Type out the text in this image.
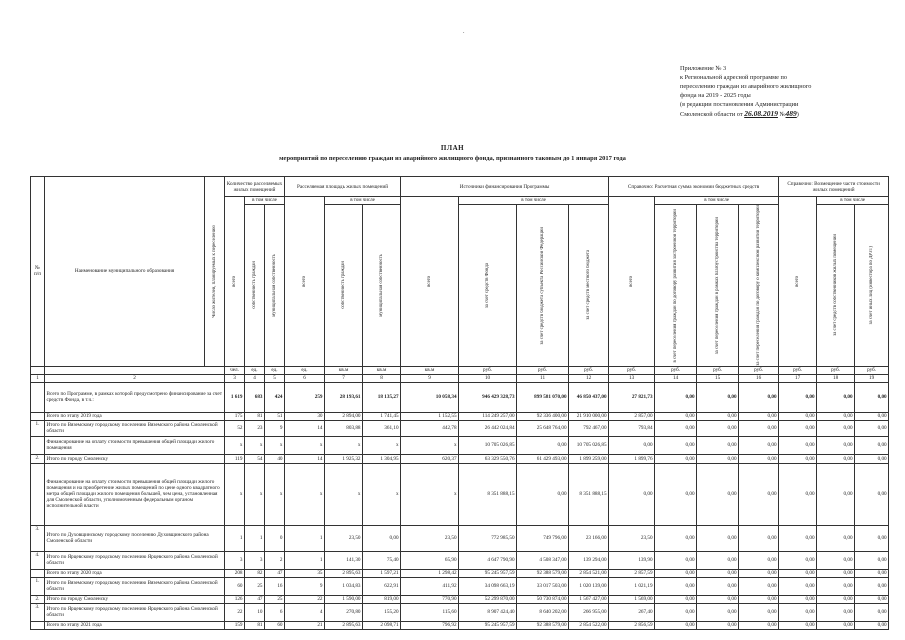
.
Приложение № 3
к Региональной адресной программе по
переселению граждан из аварийного жилищного
фонда на 2019 - 2025 годы
(в редакции постановления Администрации
Смоленской области от 26.08.2019 №489)
ПЛАН
мероприятий по переселению граждан из аварийного жилищного фонда, признанного таковым до 1 января 2017 года
№ п/п	Наименование муниципального образования	Число жителей, планируемых к переселению	Количество расселяемых жилых помещений			Расселяемая площадь жилых помещений			Источники финансирования Программы				Справочно: Расчетная сумма экономии бюджетных средств				Справочно: Возмещение части стоимости жилых помещений		

			всего	в том числе		всего	в том числе		всего	в том числе			всего	в том числе			всего	в том числе	

				собственность граждан	муниципальная собственность		собственность граждан	муниципальная собственность		за счет средств Фонда	за счет средств бюджета субъекта Российской Федерации	за счет средств местного бюджета		в счет переселения граждан по договору развития застроенной территории	за счет переселения граждан в рамках благоустройства территории	за счет переселения граждан по договору о комплексном развитии территории		за счет средств собственников жилых помещений	за счет иных лиц (инвестора по ДРЗТ)

			чел.	ед.	ед.	ед.	кв.м	кв.м	кв.м	руб.	руб.	руб.	руб.	руб.	руб.	руб.	руб.	руб.	руб.
1	2		3	4	5	6	7	8	9	10	11	12	13	14	15	16	17	18	19
	Всего по Программе, в рамках которой предусмотрено финансирование за счет средств Фонда, в т.ч.:		1 619	683	424	259	28 193,61	18 135,27	10 058,34	946 429 328,73	899 581 070,00	46 850 437,00	27 821,73	0,00	0,00	0,00	0,00	0,00	0,00
	Всего по этапу 2019 года		175	81	51	30	2 894,00	1 741,45	1 152,55	114 249 257,00	92 336 400,00	21 910 000,00	2 857,00	0,00	0,00	0,00	0,00	0,00	0,00
1.	Итого по Вяземскому городскому поселению Вяземского района Смоленской области		52	23	9	14	803,88	361,10	442,78	26 442 024,84	25 648 764,00	792 467,00	793,84	0,00	0,00	0,00	0,00	0,00	0,00
	Финансирование на оплату стоимости превышения общей площади жилого помещения		x	x	x	x	x	x	x	10 705 026,85	0,00	10 705 026,85	0,00	0,00	0,00	0,00	0,00	0,00	0,00
2.	Итого по городу Смоленску		119	54	40	14	1 925,32	1 304,95	620,37	63 329 550,76	61 429 493,00	1 899 259,00	1 899,76	0,00	0,00	0,00	0,00	0,00	0,00
	Финансирование на оплату стоимости превышения общей площади жилого помещения и на приобретение жилых помещений по цене одного квадратного метра общей площади жилого помещения большей, чем цена, установленная для Смоленской области, уполномоченным федеральным органом исполнительной власти		x	x	x	x	x	x	x	8 351 888,15	0,00	8 351 888,15	0,00	0,00	0,00	0,00	0,00	0,00	0,00
3.	Итого по Духовщинскому городскому поселению Духовщинского района Смоленской области		1	1	0	1	23,50	0,00	23,50	772 985,50	749 796,00	23 166,00	23,50	0,00	0,00	0,00	0,00	0,00	0,00
4.	Итого по Ярцевскому городскому поселению Ярцевского района Смоленской области		3	3	2	1	141,30	75,40	65,90	4 647 790,90	4 508 347,00	139 294,00	139,90	0,00	0,00	0,00	0,00	0,00	0,00
	Всего по этапу 2020 года		208	82	47	35	2 895,63	1 597,21	1 298,42	95 245 957,59	92 388 579,00	2 854 521,00	2 857,59	0,00	0,00	0,00	0,00	0,00	0,00
1.	Итого по Вяземскому городскому поселению Вяземского района Смоленской области		60	25	16	9	1 034,83	622,91	411,92	34 098 663,19	33 017 503,00	1 020 139,00	1 021,19	0,00	0,00	0,00	0,00	0,00	0,00
2.	Итого по городу Смоленску		126	47	25	22	1 590,00	819,00	770,90	52 299 870,00	50 730 874,00	1 567 427,00	1 569,00	0,00	0,00	0,00	0,00	0,00	0,00
3.	Итого по Ярцевскому городскому поселению Ярцевского района Смоленской области		22	10	6	4	270,80	155,20	115,60	8 907 424,40	8 640 202,00	266 955,00	267,40	0,00	0,00	0,00	0,00	0,00	0,00
	Всего по этапу 2021 года		159	81	60	21	2 895,63	2 098,71	796,92	95 245 957,59	92 388 579,00	2 854 522,00	2 856,59	0,00	0,00	0,00	0,00	0,00	0,00
